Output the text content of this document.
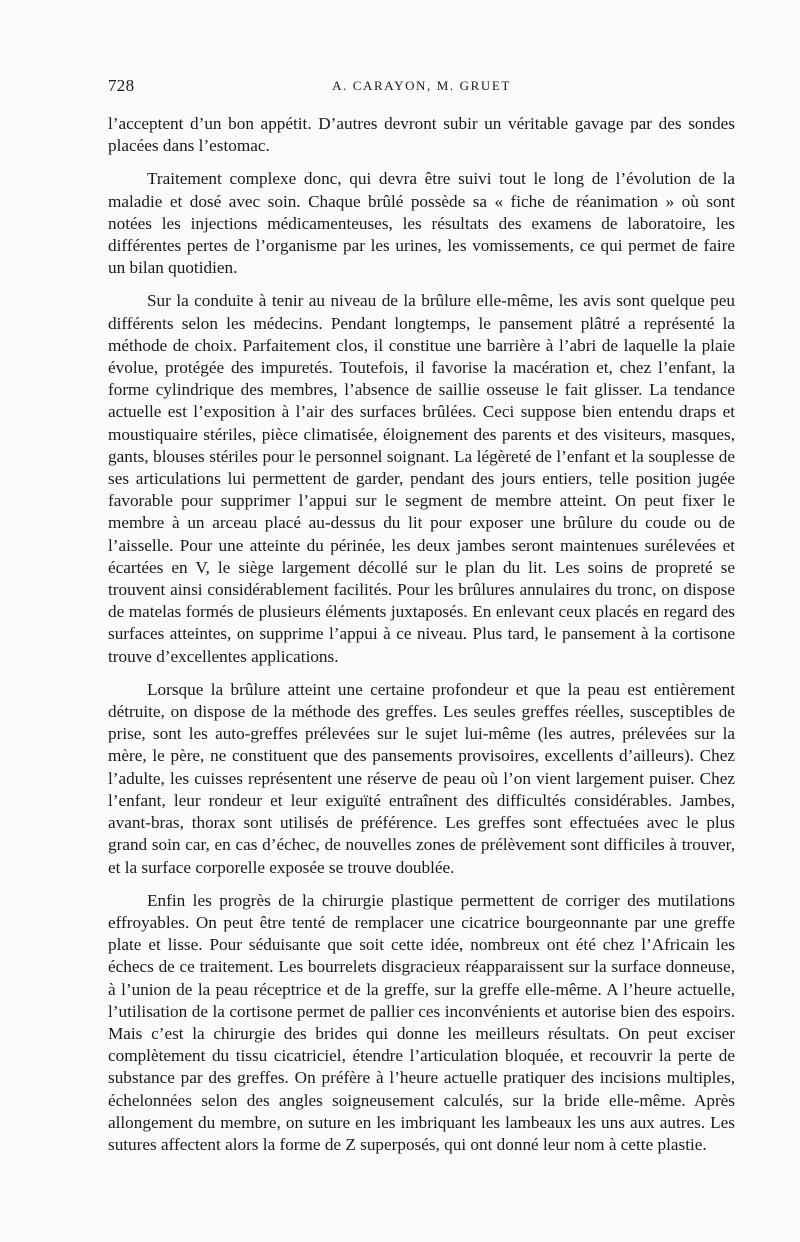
728	A. CARAYON, M. GRUET

l’acceptent d’un bon appétit. D’autres devront subir un véritable gavage par des sondes placées dans l’estomac.

Traitement complexe donc, qui devra être suivi tout le long de l’évolution de la maladie et dosé avec soin. Chaque brûlé possède sa « fiche de réanimation » où sont notées les injections médicamenteuses, les résultats des examens de laboratoire, les différentes pertes de l’organisme par les urines, les vomissements, ce qui permet de faire un bilan quotidien.

Sur la conduite à tenir au niveau de la brûlure elle-même, les avis sont quelque peu différents selon les médecins. Pendant longtemps, le pansement plâtré a représenté la méthode de choix. Parfaitement clos, il constitue une barrière à l’abri de laquelle la plaie évolue, protégée des impuretés. Toutefois, il favorise la macération et, chez l’enfant, la forme cylindrique des membres, l’absence de saillie osseuse le fait glisser. La tendance actuelle est l’exposition à l’air des surfaces brûlées. Ceci suppose bien entendu draps et moustiquaire stériles, pièce climatisée, éloignement des parents et des visiteurs, masques, gants, blouses stériles pour le personnel soignant. La légèreté de l’enfant et la souplesse de ses articulations lui permettent de garder, pendant des jours entiers, telle position jugée favorable pour supprimer l’appui sur le segment de membre atteint. On peut fixer le membre à un arceau placé au-dessus du lit pour exposer une brûlure du coude ou de l’aisselle. Pour une atteinte du périnée, les deux jambes seront maintenues surélevées et écartées en V, le siège largement décollé sur le plan du lit. Les soins de propreté se trouvent ainsi considérablement facilités. Pour les brûlures annulaires du tronc, on dispose de matelas formés de plusieurs éléments juxtaposés. En enlevant ceux placés en regard des surfaces atteintes, on supprime l’appui à ce niveau. Plus tard, le pansement à la cortisone trouve d’excellentes applications.

Lorsque la brûlure atteint une certaine profondeur et que la peau est entièrement détruite, on dispose de la méthode des greffes. Les seules greffes réelles, susceptibles de prise, sont les auto-greffes prélevées sur le sujet lui-même (les autres, prélevées sur la mère, le père, ne constituent que des pansements provisoires, excellents d’ailleurs). Chez l’adulte, les cuisses représentent une réserve de peau où l’on vient largement puiser. Chez l’enfant, leur rondeur et leur exiguïté entraînent des difficultés considérables. Jambes, avant-bras, thorax sont utilisés de préférence. Les greffes sont effectuées avec le plus grand soin car, en cas d’échec, de nouvelles zones de prélèvement sont difficiles à trouver, et la surface corporelle exposée se trouve doublée.

Enfin les progrès de la chirurgie plastique permettent de corriger des mutilations effroyables. On peut être tenté de remplacer une cicatrice bourgeonnante par une greffe plate et lisse. Pour séduisante que soit cette idée, nombreux ont été chez l’Africain les échecs de ce traitement. Les bourrelets disgracieux réapparaissent sur la surface donneuse, à l’union de la peau réceptrice et de la greffe, sur la greffe elle-même. A l’heure actuelle, l’utilisation de la cortisone permet de pallier ces inconvénients et autorise bien des espoirs. Mais c’est la chirurgie des brides qui donne les meilleurs résultats. On peut exciser complètement du tissu cicatriciel, étendre l’articulation bloquée, et recouvrir la perte de substance par des greffes. On préfère à l’heure actuelle pratiquer des incisions multiples, échelonnées selon des angles soigneusement calculés, sur la bride elle-même. Après allongement du membre, on suture en les imbriquant les lambeaux les uns aux autres. Les sutures affectent alors la forme de Z superposés, qui ont donné leur nom à cette plastie.
